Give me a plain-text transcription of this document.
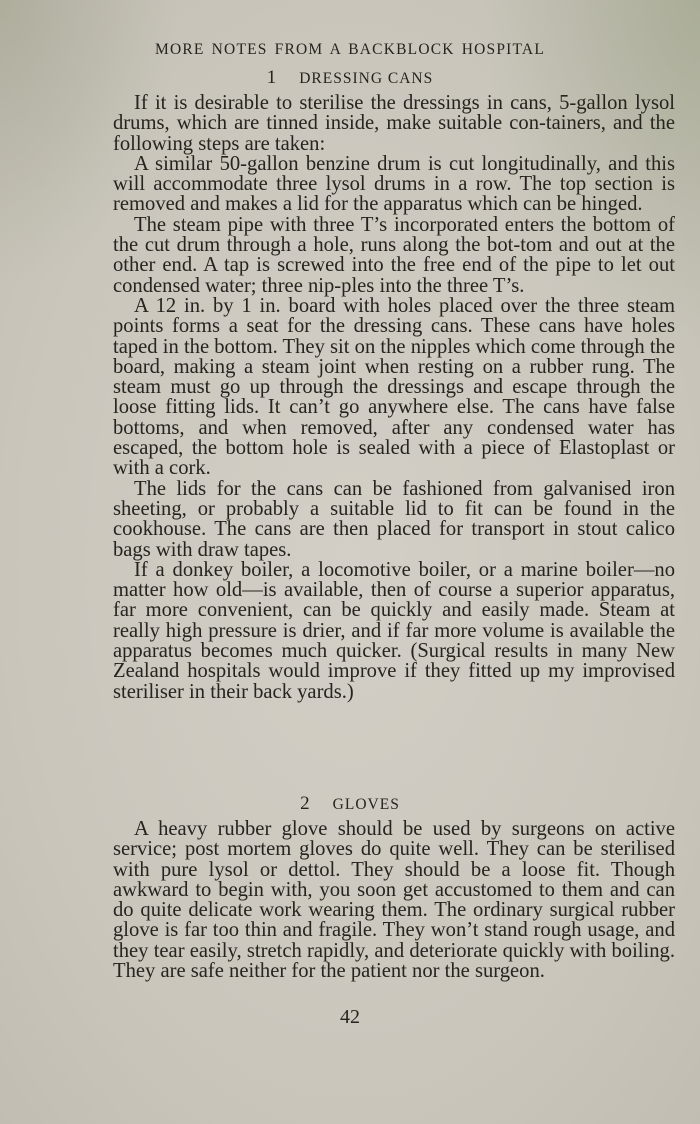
MORE NOTES FROM A BACKBLOCK HOSPITAL
1 DRESSING CANS

If it is desirable to sterilise the dressings in cans, 5-gallon lysol drums, which are tinned inside, make suitable con-tainers, and the following steps are taken:

A similar 50-gallon benzine drum is cut longitudinally, and this will accommodate three lysol drums in a row. The top section is removed and makes a lid for the apparatus which can be hinged.

The steam pipe with three T’s incorporated enters the bottom of the cut drum through a hole, runs along the bot-tom and out at the other end. A tap is screwed into the free end of the pipe to let out condensed water; three nip-ples into the three T’s.

A 12 in. by 1 in. board with holes placed over the three steam points forms a seat for the dressing cans. These cans have holes taped in the bottom. They sit on the nipples which come through the board, making a steam joint when resting on a rubber rung. The steam must go up through the dressings and escape through the loose fitting lids. It can’t go anywhere else. The cans have false bottoms, and when removed, after any condensed water has escaped, the bottom hole is sealed with a piece of Elastoplast or with a cork.

The lids for the cans can be fashioned from galvanised iron sheeting, or probably a suitable lid to fit can be found in the cookhouse. The cans are then placed for transport in stout calico bags with draw tapes.

If a donkey boiler, a locomotive boiler, or a marine boiler—no matter how old—is available, then of course a superior apparatus, far more convenient, can be quickly and easily made. Steam at really high pressure is drier, and if far more volume is available the apparatus becomes much quicker. (Surgical results in many New Zealand hospitals would improve if they fitted up my improvised steriliser in their back yards.)

2 GLOVES

A heavy rubber glove should be used by surgeons on active service; post mortem gloves do quite well. They can be sterilised with pure lysol or dettol. They should be a loose fit. Though awkward to begin with, you soon get accustomed to them and can do quite delicate work wearing them. The ordinary surgical rubber glove is far too thin and fragile. They won’t stand rough usage, and they tear easily, stretch rapidly, and deteriorate quickly with boiling. They are safe neither for the patient nor the surgeon.

42
